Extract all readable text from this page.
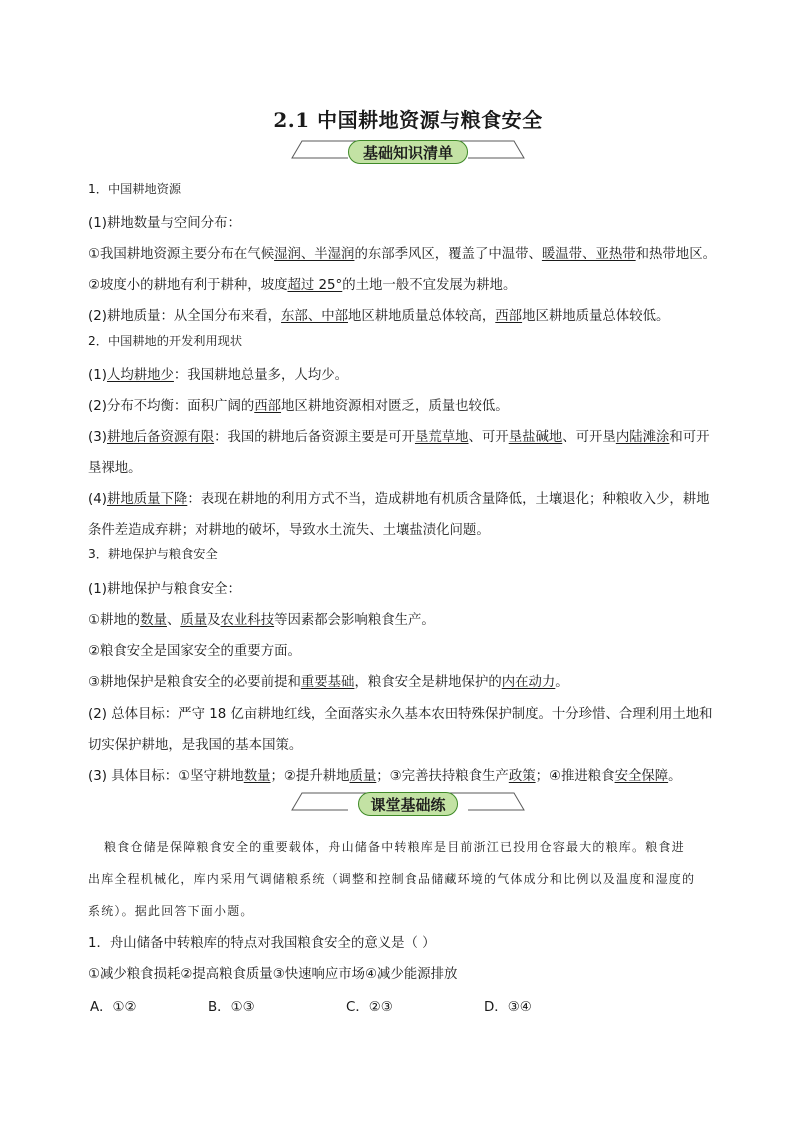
2.1 中国耕地资源与粮食安全
基础知识清单
1．中国耕地资源
(1)耕地数量与空间分布：
①我国耕地资源主要分布在气候湿润、半湿润的东部季风区，覆盖了中温带、暖温带、亚热带和热带地区。
②坡度小的耕地有利于耕种，坡度超过 25°的土地一般不宜发展为耕地。
(2)耕地质量：从全国分布来看，东部、中部地区耕地质量总体较高，西部地区耕地质量总体较低。
2．中国耕地的开发利用现状
(1)人均耕地少：我国耕地总量多，人均少。
(2)分布不均衡：面积广阔的西部地区耕地资源相对匮乏，质量也较低。
(3)耕地后备资源有限：我国的耕地后备资源主要是可开垦荒草地、可开垦盐碱地、可开垦内陆滩涂和可开
垦裸地。
(4)耕地质量下降：表现在耕地的利用方式不当，造成耕地有机质含量降低，土壤退化；种粮收入少，耕地
条件差造成弃耕；对耕地的破坏，导致水土流失、土壤盐渍化问题。
3．耕地保护与粮食安全
(1)耕地保护与粮食安全：
①耕地的数量、质量及农业科技等因素都会影响粮食生产。
②粮食安全是国家安全的重要方面。
③耕地保护是粮食安全的必要前提和重要基础，粮食安全是耕地保护的内在动力。
(2) 总体目标：严守 18 亿亩耕地红线，全面落实永久基本农田特殊保护制度。十分珍惜、合理利用土地和
切实保护耕地，是我国的基本国策。
(3) 具体目标：①坚守耕地数量；②提升耕地质量；③完善扶持粮食生产政策；④推进粮食安全保障。
课堂基础练
粮食仓储是保障粮食安全的重要载体，舟山储备中转粮库是目前浙江已投用仓容最大的粮库。粮食进
出库全程机械化，库内采用气调储粮系统（调整和控制食品储藏环境的气体成分和比例以及温度和湿度的
系统）。据此回答下面小题。
1．舟山储备中转粮库的特点对我国粮食安全的意义是（ ）
①减少粮食损耗②提高粮食质量③快速响应市场④减少能源排放
A．①②	B．①③	C．②③	D．③④
